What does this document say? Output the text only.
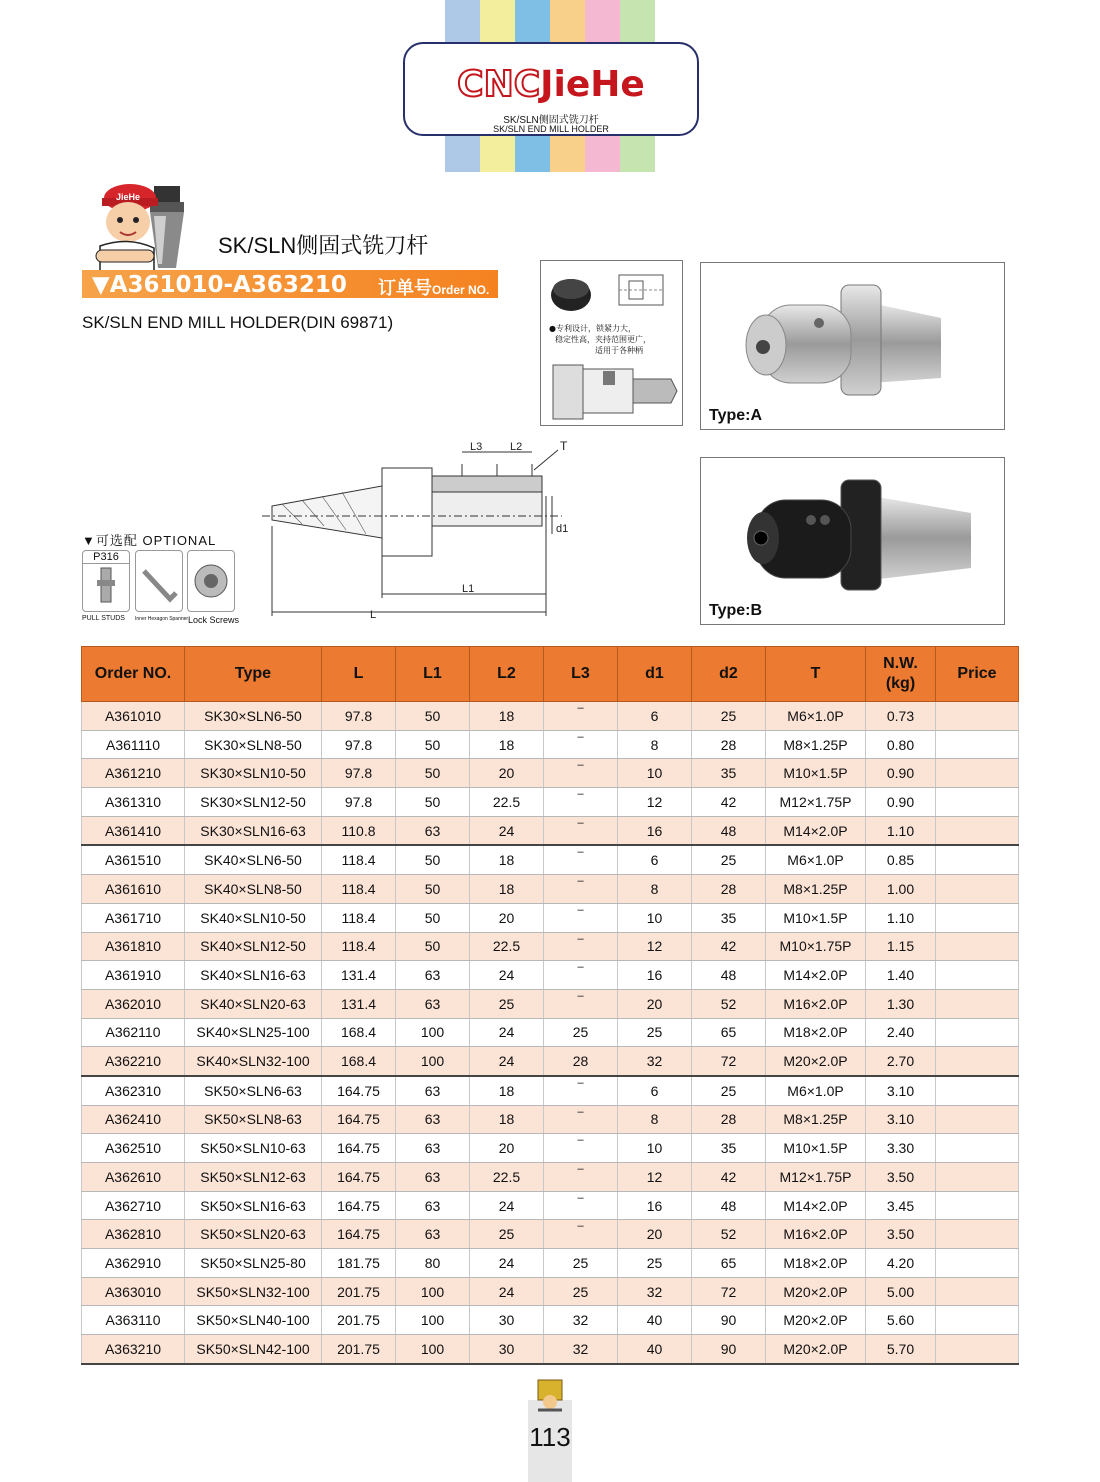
CNCJieHe
SK/SLN侧固式铣刀杆
SK/SLN END MILL HOLDER
JieHe
SK/SLN侧固式铣刀杆
▼A361010-A363210 订单号Order NO.
SK/SLN END MILL HOLDER(DIN 69871)	●专利设计，锁紧力大，
稳定性高，夹持范围更广，
适用于各种柄
Type:A
Type:B
L3	L2	T
d1
L1
L
▼可选配 OPTIONAL
P316
PULL STUDS Inner Hexagon Spanner Lock Screws
Order NO.	Type	L	L1	L2	L3	d1	d2	T	N.W.
(kg)	Price
A361010	SK30×SLN6-50	97.8	50	18	–	6	25	M6×1.0P	0.73	
A361110	SK30×SLN8-50	97.8	50	18	–	8	28	M8×1.25P	0.80	
A361210	SK30×SLN10-50	97.8	50	20	–	10	35	M10×1.5P	0.90	
A361310	SK30×SLN12-50	97.8	50	22.5	–	12	42	M12×1.75P	0.90	
A361410	SK30×SLN16-63	110.8	63	24	–	16	48	M14×2.0P	1.10	
A361510	SK40×SLN6-50	118.4	50	18	–	6	25	M6×1.0P	0.85	
A361610	SK40×SLN8-50	118.4	50	18	–	8	28	M8×1.25P	1.00	
A361710	SK40×SLN10-50	118.4	50	20	–	10	35	M10×1.5P	1.10	
A361810	SK40×SLN12-50	118.4	50	22.5	–	12	42	M10×1.75P	1.15	
A361910	SK40×SLN16-63	131.4	63	24	–	16	48	M14×2.0P	1.40	
A362010	SK40×SLN20-63	131.4	63	25	–	20	52	M16×2.0P	1.30	
A362110	SK40×SLN25-100	168.4	100	24	25	25	65	M18×2.0P	2.40	
A362210	SK40×SLN32-100	168.4	100	24	28	32	72	M20×2.0P	2.70	
A362310	SK50×SLN6-63	164.75	63	18	–	6	25	M6×1.0P	3.10	
A362410	SK50×SLN8-63	164.75	63	18	–	8	28	M8×1.25P	3.10	
A362510	SK50×SLN10-63	164.75	63	20	–	10	35	M10×1.5P	3.30	
A362610	SK50×SLN12-63	164.75	63	22.5	–	12	42	M12×1.75P	3.50	
A362710	SK50×SLN16-63	164.75	63	24	–	16	48	M14×2.0P	3.45	
A362810	SK50×SLN20-63	164.75	63	25	–	20	52	M16×2.0P	3.50	
A362910	SK50×SLN25-80	181.75	80	24	25	25	65	M18×2.0P	4.20	
A363010	SK50×SLN32-100	201.75	100	24	25	32	72	M20×2.0P	5.00	
A363110	SK50×SLN40-100	201.75	100	30	32	40	90	M20×2.0P	5.60	
A363210	SK50×SLN42-100	201.75	100	30	32	40	90	M20×2.0P	5.70	
113
